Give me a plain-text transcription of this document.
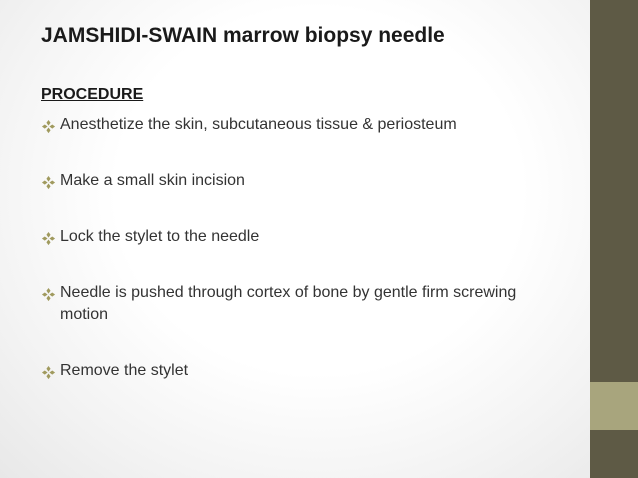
JAMSHIDI-SWAIN marrow biopsy needle
PROCEDURE
Anesthetize the skin, subcutaneous tissue & periosteum
Make a small skin incision
Lock the stylet to the needle
Needle is pushed through cortex of bone by gentle firm screwing motion
Remove the stylet
